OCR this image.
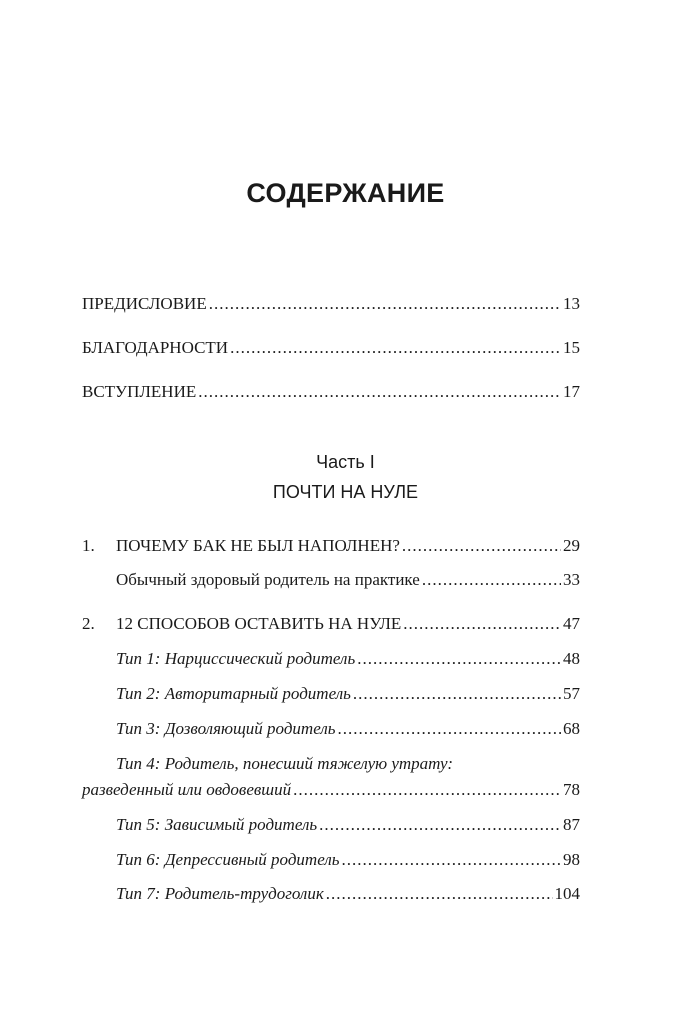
СОДЕРЖАНИЕ
ПРЕДИСЛОВИЕ .....	13
БЛАГОДАРНОСТИ .....	15
ВСТУПЛЕНИЕ .....	17
Часть I
ПОЧТИ НА НУЛЕ
1.	ПОЧЕМУ БАК НЕ БЫЛ НАПОЛНЕН? .....	29
Обычный здоровый родитель на практике .....	33
2.	12 СПОСОБОВ ОСТАВИТЬ НА НУЛЕ .....	47
Тип 1: Нарциссический родитель .....	48
Тип 2: Авторитарный родитель .....	57
Тип 3: Дозволяющий родитель .....	68
Тип 4: Родитель, понесший тяжелую утрату:
разведенный или овдовевший .....	78
Тип 5: Зависимый родитель .....	87
Тип 6: Депрессивный родитель .....	98
Тип 7: Родитель-трудоголик .....	104
